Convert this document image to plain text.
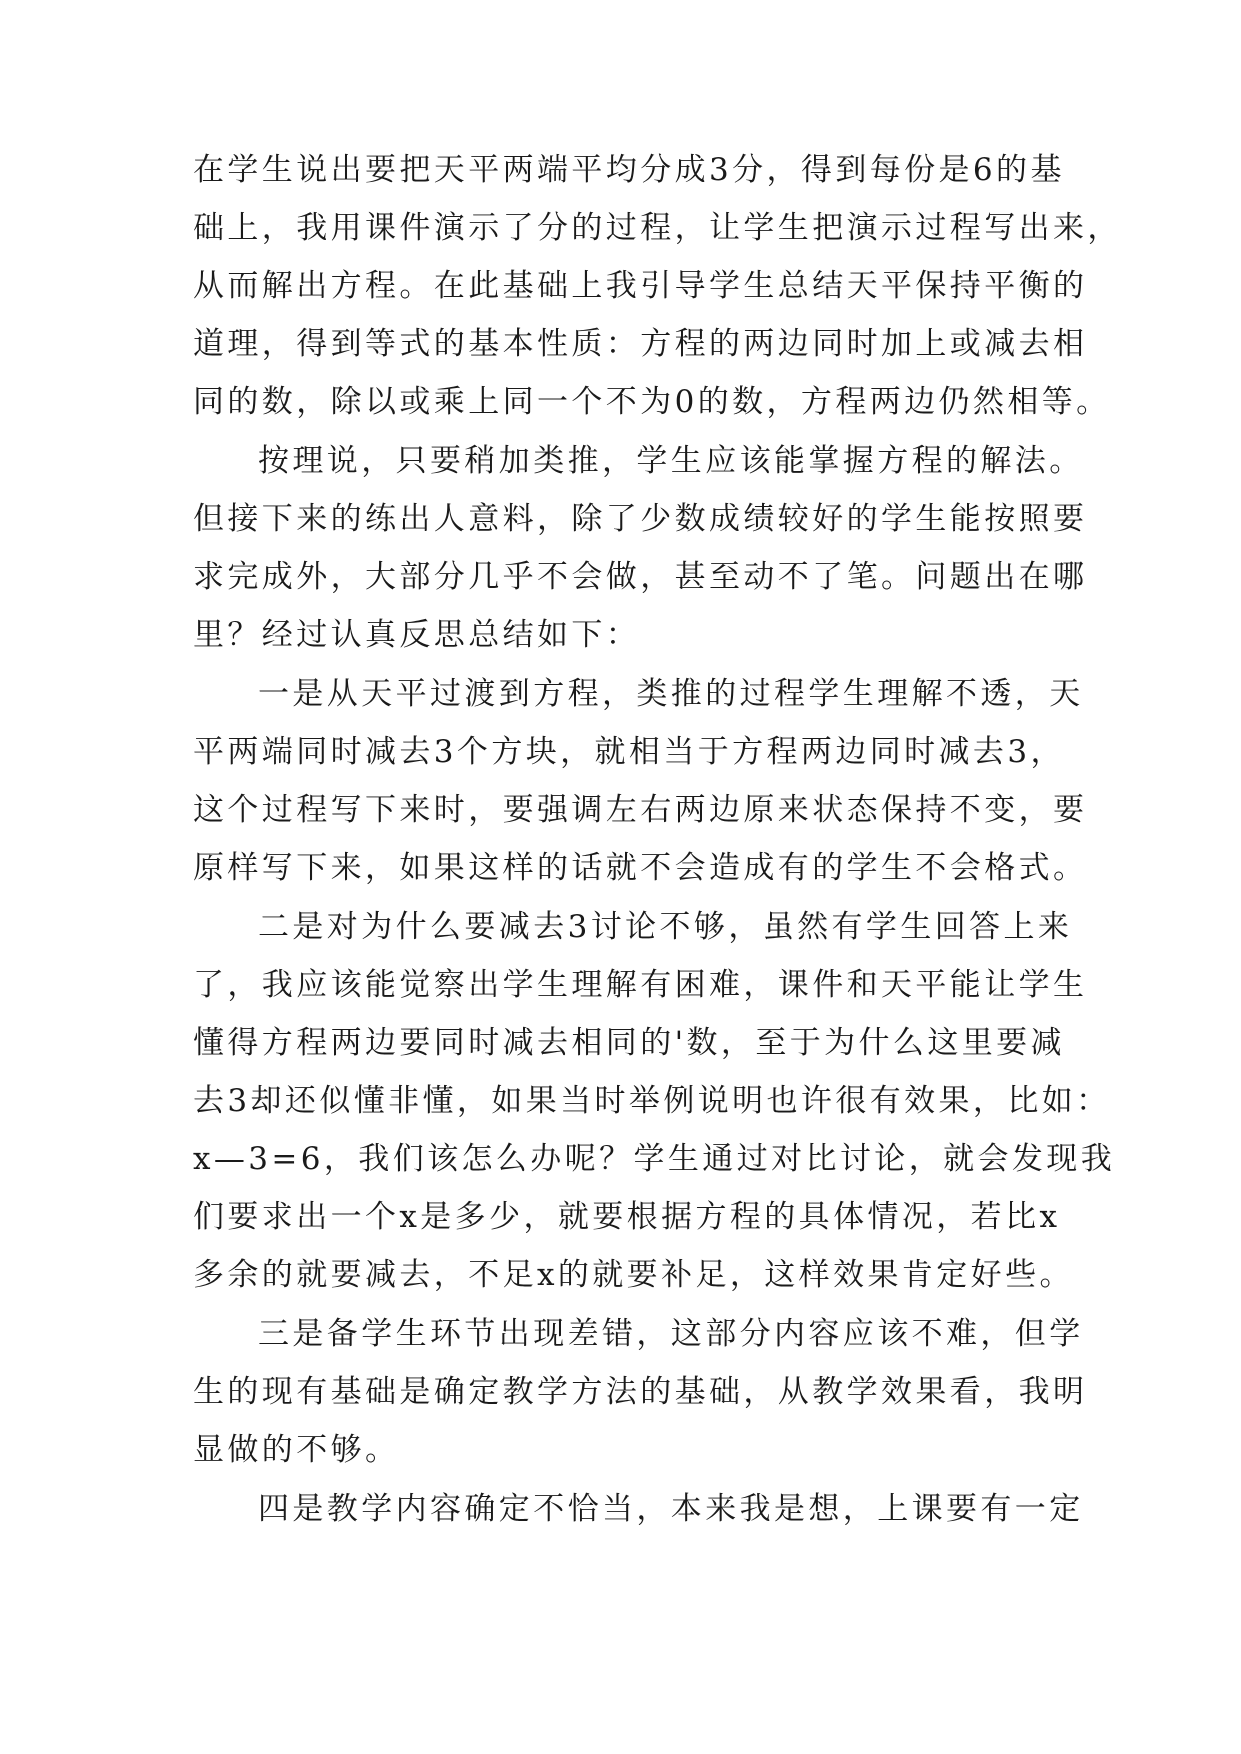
在学生说出要把天平两端平均分成3分，得到每份是6的基

础上，我用课件演示了分的过程，让学生把演示过程写出来，

从而解出方程。在此基础上我引导学生总结天平保持平衡的

道理，得到等式的基本性质：方程的两边同时加上或减去相

同的数，除以或乘上同一个不为0的数，方程两边仍然相等。

按理说，只要稍加类推，学生应该能掌握方程的解法。

但接下来的练出人意料，除了少数成绩较好的学生能按照要

求完成外，大部分几乎不会做，甚至动不了笔。问题出在哪

里？经过认真反思总结如下：

一是从天平过渡到方程，类推的过程学生理解不透，天

平两端同时减去3个方块，就相当于方程两边同时减去3，

这个过程写下来时，要强调左右两边原来状态保持不变，要

原样写下来，如果这样的话就不会造成有的学生不会格式。

二是对为什么要减去3讨论不够，虽然有学生回答上来

了，我应该能觉察出学生理解有困难，课件和天平能让学生

懂得方程两边要同时减去相同的'数，至于为什么这里要减

去3却还似懂非懂，如果当时举例说明也许很有效果，比如：

x—3=6，我们该怎么办呢？学生通过对比讨论，就会发现我

们要求出一个x是多少，就要根据方程的具体情况，若比x

多余的就要减去，不足x的就要补足，这样效果肯定好些。

三是备学生环节出现差错，这部分内容应该不难，但学

生的现有基础是确定教学方法的基础，从教学效果看，我明

显做的不够。

四是教学内容确定不恰当，本来我是想，上课要有一定
